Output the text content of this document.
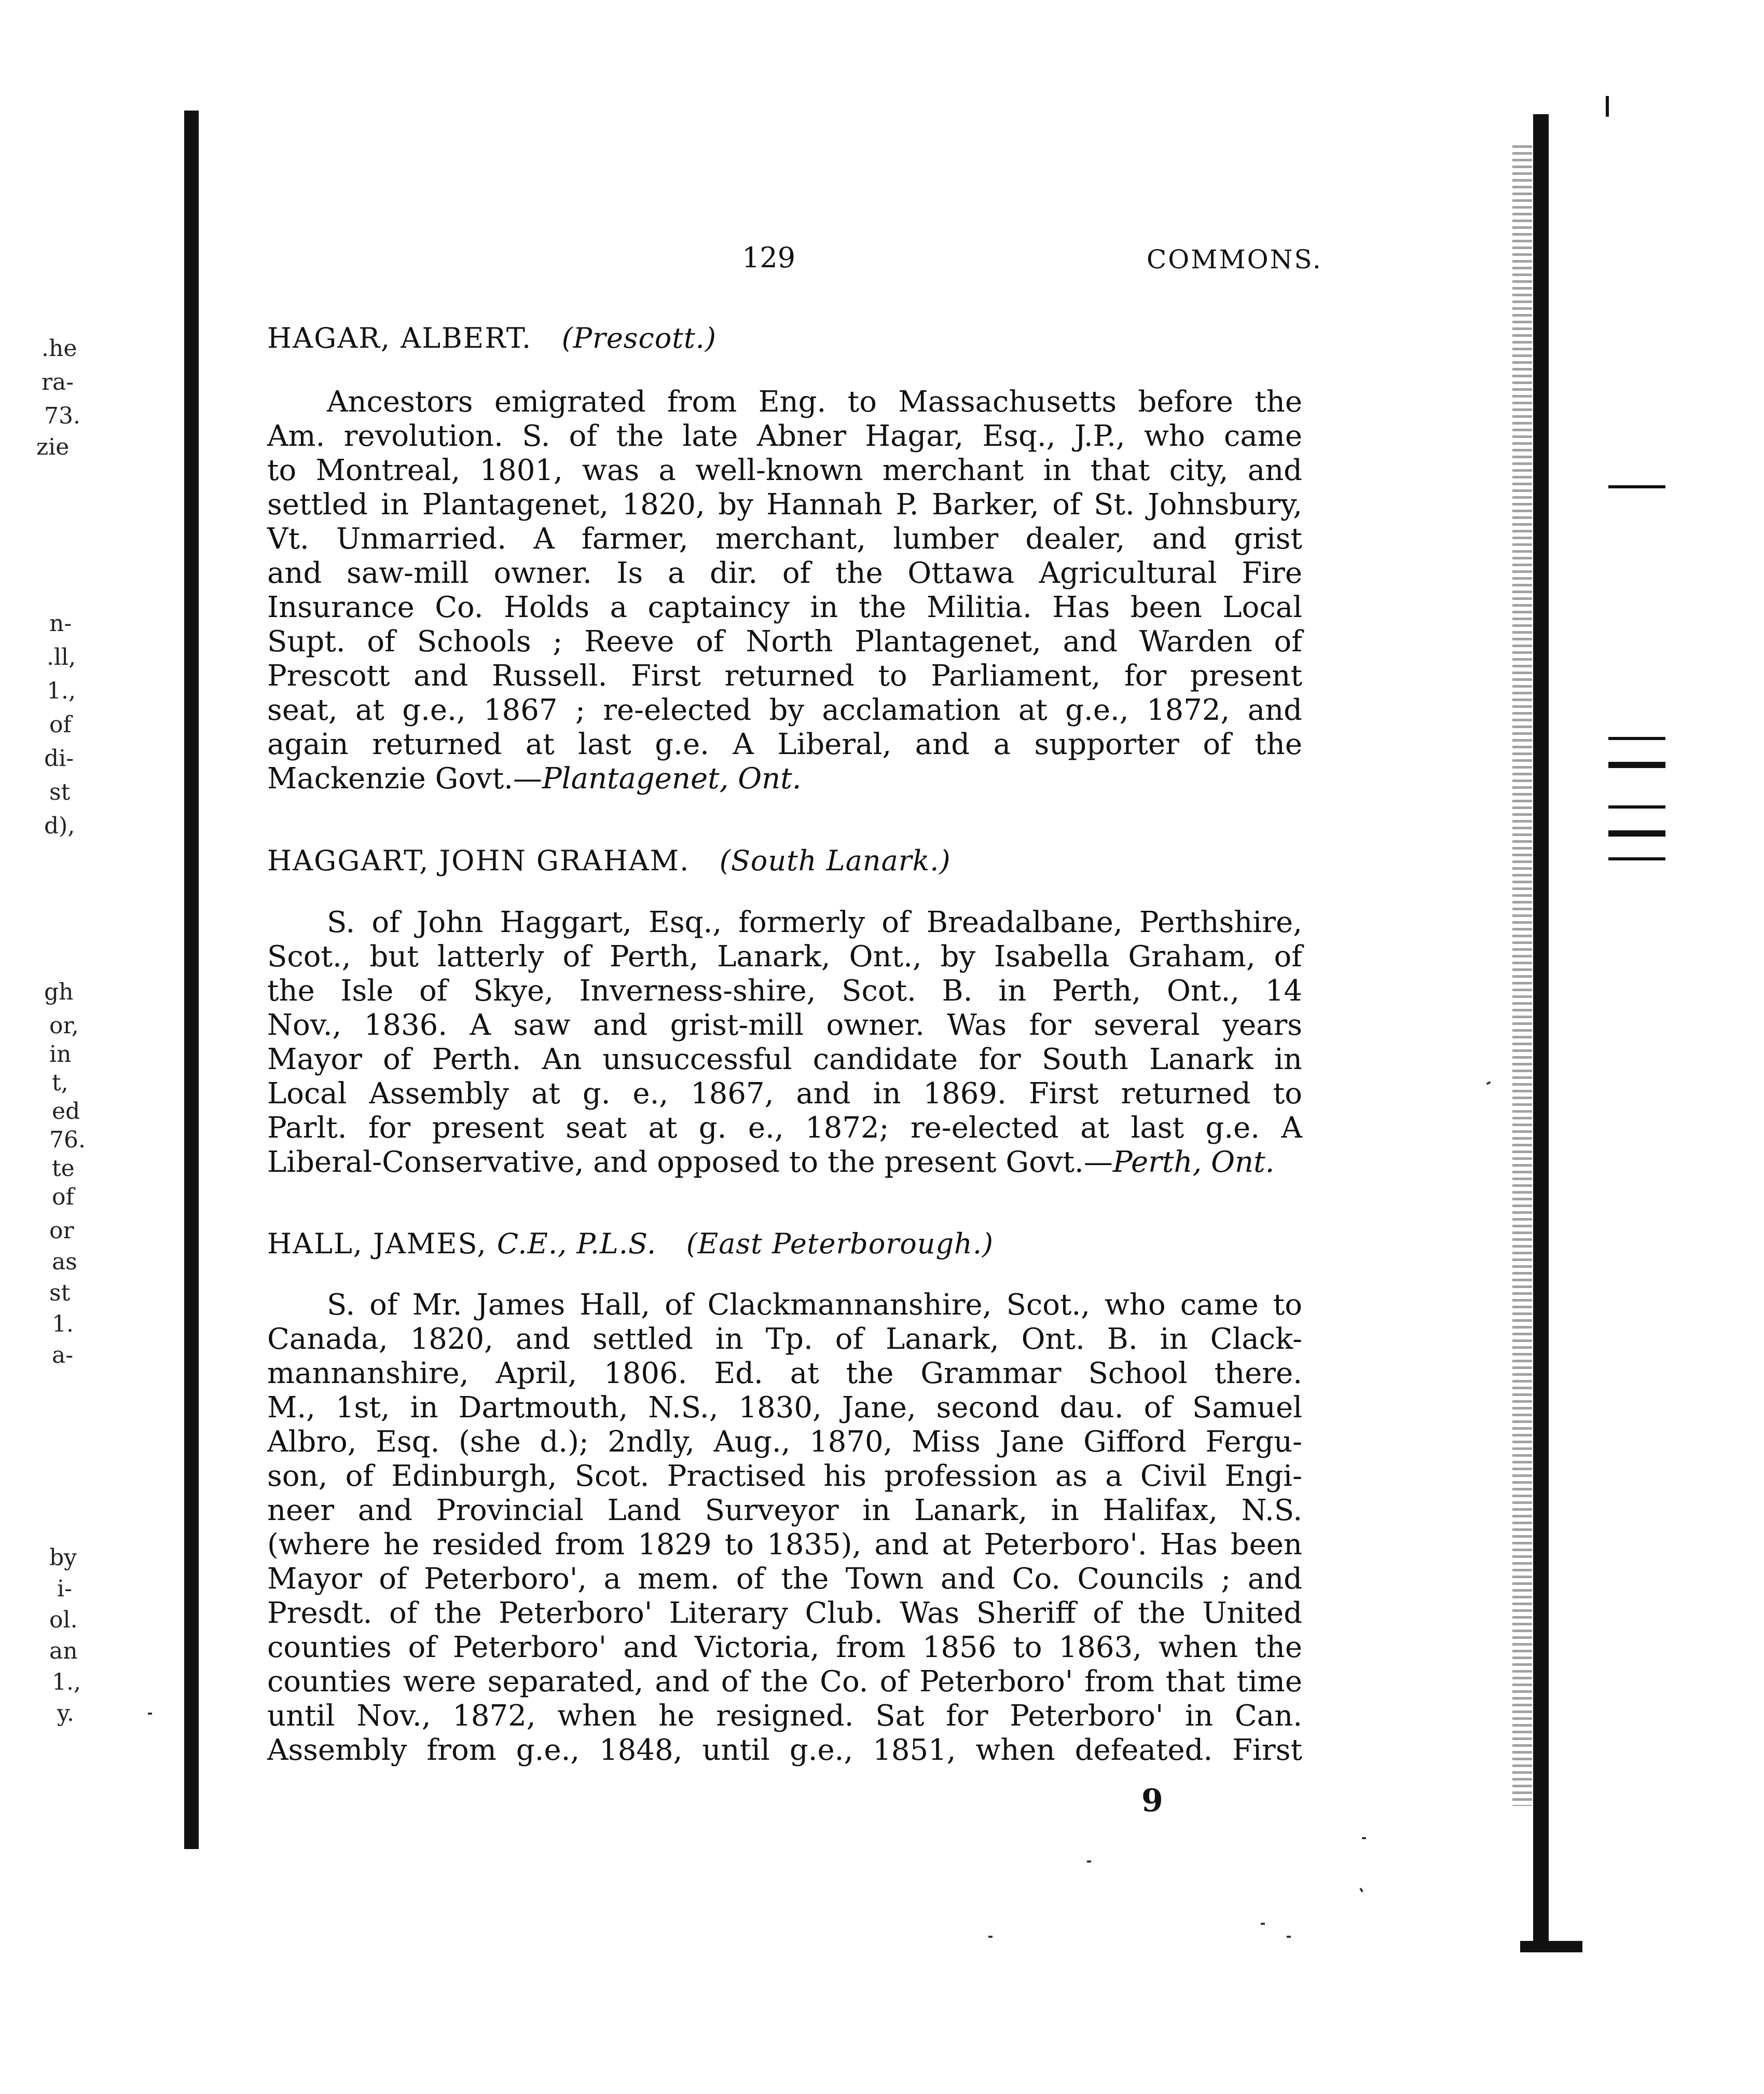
.he
ra-
73.
zie
n-
.ll,
1.,
of
di-
st
d),
gh
or,
in
t,
ed
76.
te
of
or
as
st
1.
a-
by
i-
ol.
an
1.,
y.
129	COMMONS.
HAGAR, ALBERT. (Prescott.)

Ancestors emigrated from Eng. to Massachusetts before the
Am. revolution. S. of the late Abner Hagar, Esq., J.P., who came
to Montreal, 1801, was a well-known merchant in that city, and
settled in Plantagenet, 1820, by Hannah P. Barker, of St. Johnsbury,
Vt. Unmarried. A farmer, merchant, lumber dealer, and grist
and saw-mill owner. Is a dir. of the Ottawa Agricultural Fire
Insurance Co. Holds a captaincy in the Militia. Has been Local
Supt. of Schools ; Reeve of North Plantagenet, and Warden of
Prescott and Russell. First returned to Parliament, for present
seat, at g.e., 1867 ; re-elected by acclamation at g.e., 1872, and
again returned at last g.e. A Liberal, and a supporter of the
Mackenzie Govt.—Plantagenet, Ont.

HAGGART, JOHN GRAHAM. (South Lanark.)

S. of John Haggart, Esq., formerly of Breadalbane, Perthshire,
Scot., but latterly of Perth, Lanark, Ont., by Isabella Graham, of
the Isle of Skye, Inverness-shire, Scot. B. in Perth, Ont., 14
Nov., 1836. A saw and grist-mill owner. Was for several years
Mayor of Perth. An unsuccessful candidate for South Lanark in
Local Assembly at g. e., 1867, and in 1869. First returned to
Parlt. for present seat at g. e., 1872; re-elected at last g.e. A
Liberal-Conservative, and opposed to the present Govt.—Perth, Ont.

HALL, JAMES, C.E., P.L.S. (East Peterborough.)

S. of Mr. James Hall, of Clackmannanshire, Scot., who came to
Canada, 1820, and settled in Tp. of Lanark, Ont. B. in Clack-
mannanshire, April, 1806. Ed. at the Grammar School there.
M., 1st, in Dartmouth, N.S., 1830, Jane, second dau. of Samuel
Albro, Esq. (she d.); 2ndly, Aug., 1870, Miss Jane Gifford Fergu-
son, of Edinburgh, Scot. Practised his profession as a Civil Engi-
neer and Provincial Land Surveyor in Lanark, in Halifax, N.S.
(where he resided from 1829 to 1835), and at Peterboro'. Has been
Mayor of Peterboro', a mem. of the Town and Co. Councils ; and
Presdt. of the Peterboro' Literary Club. Was Sheriff of the United
counties of Peterboro' and Victoria, from 1856 to 1863, when the
counties were separated, and of the Co. of Peterboro' from that time
until Nov., 1872, when he resigned. Sat for Peterboro' in Can.
Assembly from g.e., 1848, until g.e., 1851, when defeated. First

9
